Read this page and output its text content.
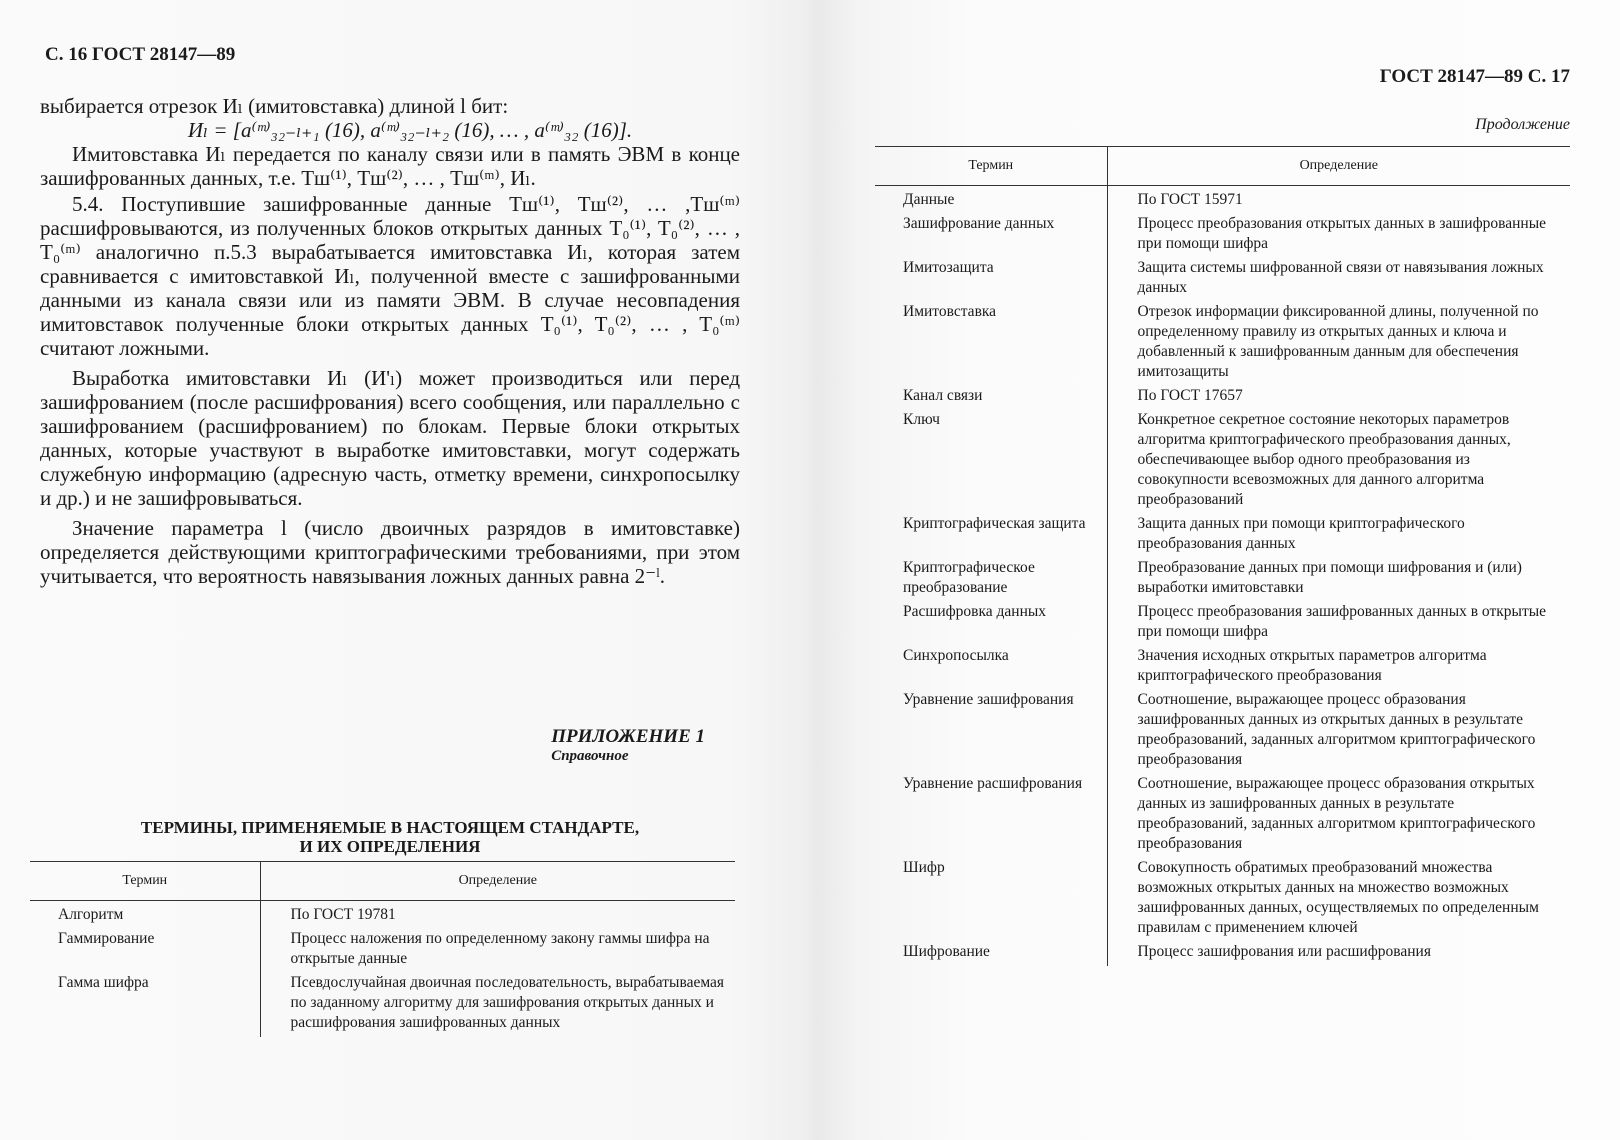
С. 16 ГОСТ 28147—89

выбирается отрезок Иₗ (имитовставка) длиной l бит:

Иₗ = [a⁽ᵐ⁾₃₂₋ₗ₊₁ (16), a⁽ᵐ⁾₃₂₋ₗ₊₂ (16), … , a⁽ᵐ⁾₃₂ (16)].

Имитовставка Иₗ передается по каналу связи или в память ЭВМ в конце зашифрованных данных, т.е. Tш⁽¹⁾, Tш⁽²⁾, … , Tш⁽ᵐ⁾, Иₗ.

5.4. Поступившие зашифрованные данные Tш⁽¹⁾, Tш⁽²⁾, … ,Tш⁽ᵐ⁾ расшифровываются, из полученных блоков открытых данных T₀⁽¹⁾, T₀⁽²⁾, … , T₀⁽ᵐ⁾ аналогично п.5.3 вырабатывается имитовставка Иₗ, которая затем сравнивается с имитовставкой Иₗ, полученной вместе с зашифрованными данными из канала связи или из памяти ЭВМ. В случае несовпадения имитовставок полученные блоки открытых данных T₀⁽¹⁾, T₀⁽²⁾, … , T₀⁽ᵐ⁾ считают ложными.

Выработка имитовставки Иₗ (И'ₗ) может производиться или перед зашифрованием (после расшифрования) всего сообщения, или параллельно с зашифрованием (расшифрованием) по блокам. Первые блоки открытых данных, которые участвуют в выработке имитовставки, могут содержать служебную информацию (адресную часть, отметку времени, синхропосылку и др.) и не зашифровываться.

Значение параметра l (число двоичных разрядов в имитовставке) определяется действующими криптографическими требованиями, при этом учитывается, что вероятность навязывания ложных данных равна 2⁻ˡ.

ПРИЛОЖЕНИЕ 1
Справочное
ТЕРМИНЫ, ПРИМЕНЯЕМЫЕ В НАСТОЯЩЕМ СТАНДАРТЕ,
И ИХ ОПРЕДЕЛЕНИЯ
Термин	Определение
Алгоритм	По ГОСТ 19781
Гаммирование	Процесс наложения по определенному закону гаммы шифра на открытые данные
Гамма шифра	Псевдослучайная двоичная последовательность, вырабатываемая по заданному алгоритму для зашифрования открытых данных и расшифрования зашифрованных данных
ГОСТ 28147—89 С. 17
Продолжение
Термин	Определение
Данные	По ГОСТ 15971
Зашифрование данных	Процесс преобразования открытых данных в зашифрованные при помощи шифра
Имитозащита	Защита системы шифрованной связи от навязывания ложных данных
Имитовставка	Отрезок информации фиксированной длины, полученной по определенному правилу из открытых данных и ключа и добавленный к зашифрованным данным для обеспечения имитозащиты
Канал связи	По ГОСТ 17657
Ключ	Конкретное секретное состояние некоторых параметров алгоритма криптографического преобразования данных, обеспечивающее выбор одного преобразования из совокупности всевозможных для данного алгоритма преобразований
Криптографическая защита	Защита данных при помощи криптографического преобразования данных
Криптографическое преобразование	Преобразование данных при помощи шифрования и (или) выработки имитовставки
Расшифровка данных	Процесс преобразования зашифрованных данных в открытые при помощи шифра
Синхропосылка	Значения исходных открытых параметров алгоритма криптографического преобразования
Уравнение зашифрования	Соотношение, выражающее процесс образования зашифрованных данных из открытых данных в результате преобразований, заданных алгоритмом криптографического преобразования
Уравнение расшифрования	Соотношение, выражающее процесс образования открытых данных из зашифрованных данных в результате преобразований, заданных алгоритмом криптографического преобразования
Шифр	Совокупность обратимых преобразований множества возможных открытых данных на множество возможных зашифрованных данных, осуществляемых по определенным правилам с применением ключей
Шифрование	Процесс зашифрования или расшифрования
